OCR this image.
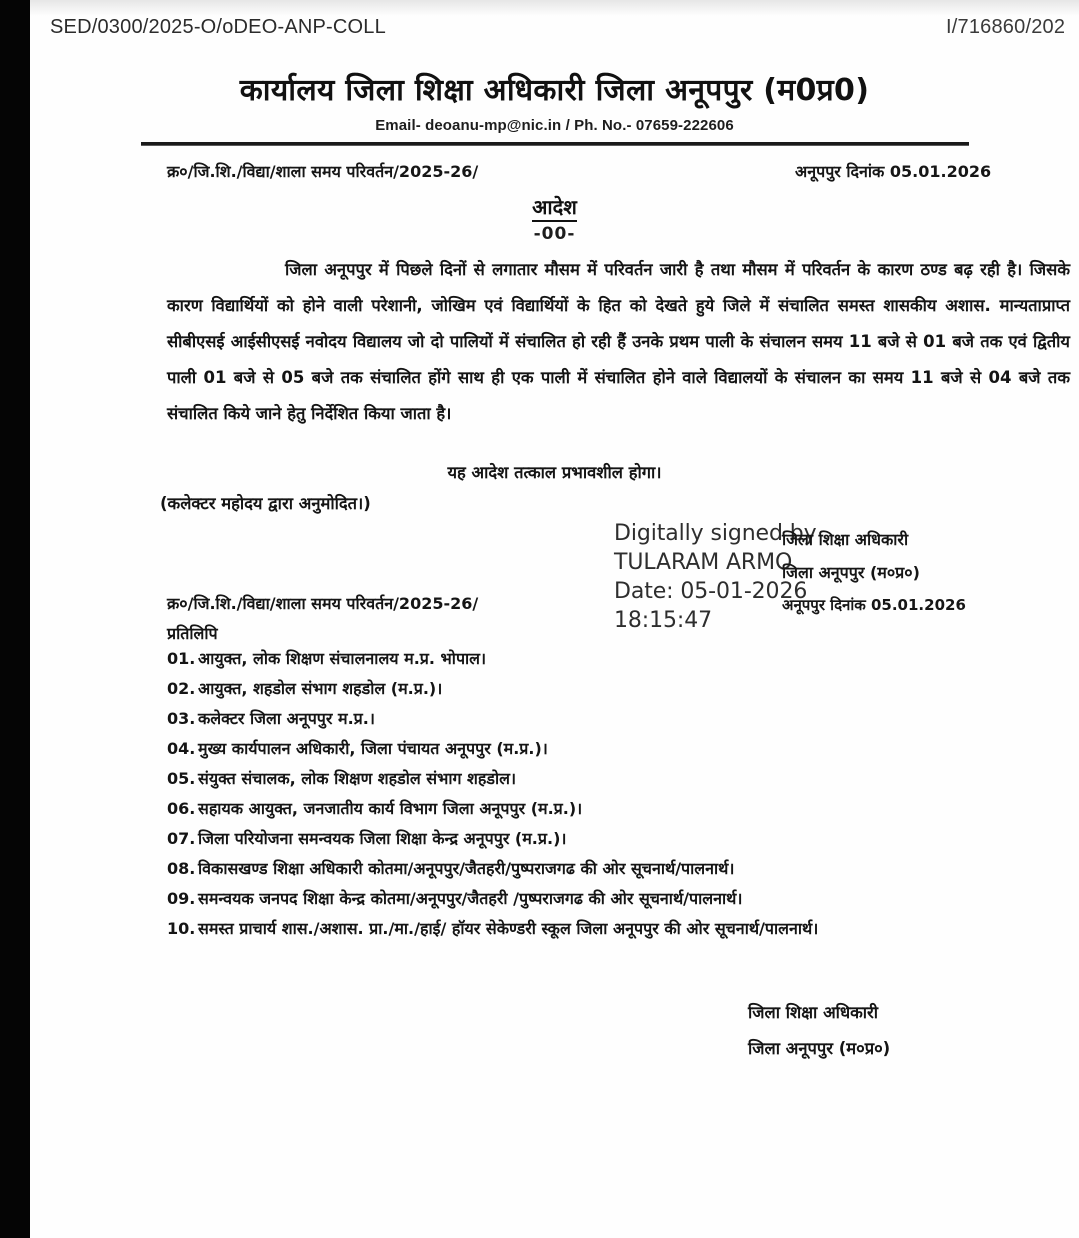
SED/0300/2025-O/oDEO-ANP-COLL	I/716860/202
कार्यालय जिला शिक्षा अधिकारी जिला अनूपपुर (म0प्र0)
Email- deoanu-mp@nic.in / Ph. No.- 07659-222606
क्र०/जि.शि./विद्या/शाला समय परिवर्तन/2025-26/	अनूपपुर दिनांक 05.01.2026
आदेश
-00-

जिला अनूपपुर में पिछले दिनों से लगातार मौसम में परिवर्तन जारी है तथा मौसम में परिवर्तन के कारण ठण्ड बढ़ रही है। जिसके कारण विद्यार्थियों को होने वाली परेशानी, जोखिम एवं विद्यार्थियों के हित को देखते हुये जिले में संचालित समस्त शासकीय अशास. मान्यताप्राप्त सीबीएसई आईसीएसई नवोदय विद्यालय जो दो पालियों में संचालित हो रही हैं उनके प्रथम पाली के संचालन समय 11 बजे से 01 बजे तक एवं द्वितीय पाली 01 बजे से 05 बजे तक संचालित होंगे साथ ही एक पाली में संचालित होने वाले विद्यालयों के संचालन का समय 11 बजे से 04 बजे तक संचालित किये जाने हेतु निर्देशित किया जाता है।

यह आदेश तत्काल प्रभावशील होगा।
(कलेक्टर महोदय द्वारा अनुमोदित।)
Digitally signed by
TULARAM ARMO
Date: 05-01-2026
18:15:47
जिला शिक्षा अधिकारी
जिला अनूपपुर (म०प्र०)
अनूपपुर दिनांक 05.01.2026
क्र०/जि.शि./विद्या/शाला समय परिवर्तन/2025-26/
प्रतिलिपि
01. आयुक्त, लोक शिक्षण संचालनालय म.प्र. भोपाल।
02. आयुक्त, शहडोल संभाग शहडोल (म.प्र.)।
03. कलेक्टर जिला अनूपपुर म.प्र.।
04. मुख्य कार्यपालन अधिकारी, जिला पंचायत अनूपपुर (म.प्र.)।
05. संयुक्त संचालक, लोक शिक्षण शहडोल संभाग शहडोल।
06. सहायक आयुक्त, जनजातीय कार्य विभाग जिला अनूपपुर (म.प्र.)।
07. जिला परियोजना समन्वयक जिला शिक्षा केन्द्र अनूपपुर (म.प्र.)।
08. विकासखण्ड शिक्षा अधिकारी कोतमा/अनूपपुर/जैतहरी/पुष्पराजगढ की ओर सूचनार्थ/पालनार्थ।
09. समन्वयक जनपद शिक्षा केन्द्र कोतमा/अनूपपुर/जैतहरी /पुष्पराजगढ की ओर सूचनार्थ/पालनार्थ।
10. समस्त प्राचार्य शास./अशास. प्रा./मा./हाई/ हॉयर सेकेण्डरी स्कूल जिला अनूपपुर की ओर सूचनार्थ/पालनार्थ।
जिला शिक्षा अधिकारी
जिला अनूपपुर (म०प्र०)
